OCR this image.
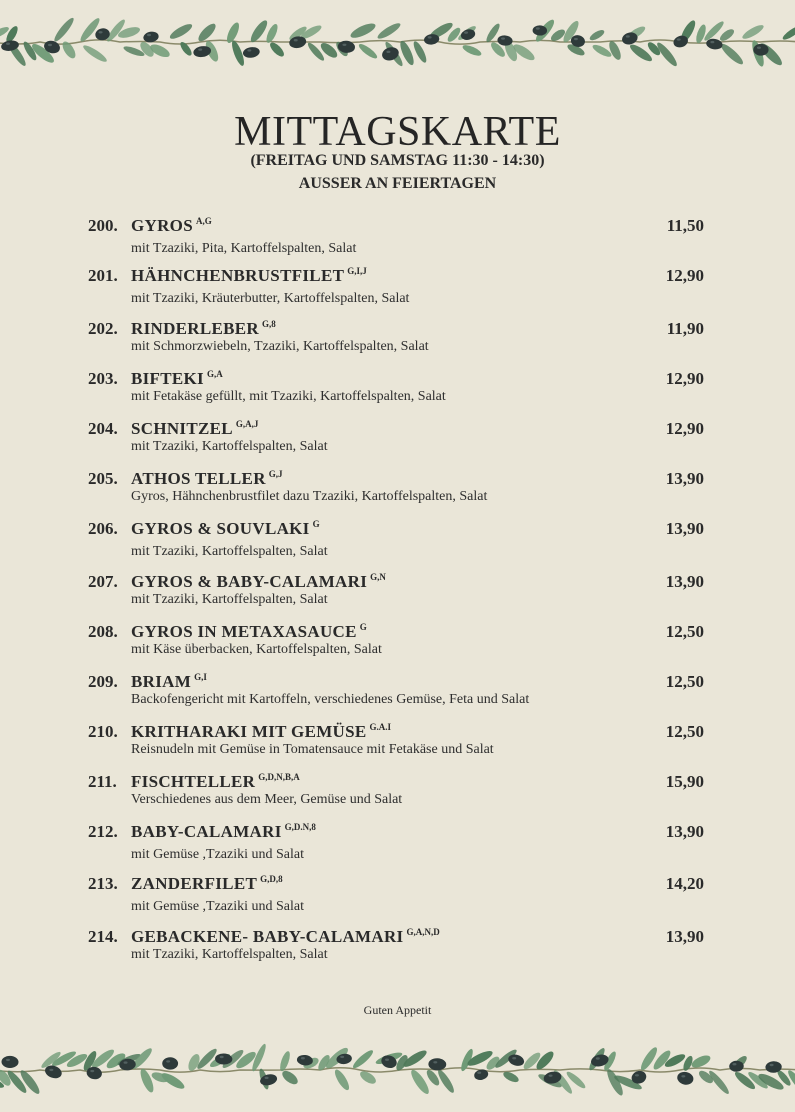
MITTAGSKARTE
(FREITAG UND SAMSTAG 11:30 - 14:30)
AUSSER AN FEIERTAGEN
200. GYROS $^{A,G}$
mit Tzaziki, Pita, Kartoffelspalten, Salat
11,50
201. HÄHNCHENBRUSTFILET $^{G,I,J}$
mit Tzaziki, Kräuterbutter, Kartoffelspalten, Salat
12,90
202. RINDERLEBER $^{G,8}$
mit Schmorzwiebeln, Tzaziki, Kartoffelspalten, Salat
11,90
203. BIFTEKI $^{G,A}$
mit Fetakäse gefüllt, mit Tzaziki, Kartoffelspalten, Salat
12,90
204. SCHNITZEL $^{G,A,J}$
mit Tzaziki, Kartoffelspalten, Salat
12,90
205. ATHOS TELLER $^{G,J}$
Gyros, Hähnchenbrustfilet dazu Tzaziki, Kartoffelspalten, Salat
13,90
206. GYROS & SOUVLAKI $^G$
mit Tzaziki, Kartoffelspalten, Salat
13,90
207. GYROS & BABY-CALAMARI $^{G,N}$
mit Tzaziki, Kartoffelspalten, Salat
13,90
208. GYROS IN METAXASAUCE $^G$
mit Käse überbacken, Kartoffelspalten, Salat
12,50
209. BRIAM $^{G,I}$
Backofengericht mit Kartoffeln, verschiedenes Gemüse, Feta und Salat
12,50
210. KRITHARAKI MIT GEMÜSE $^{G.A.I}$
Reisnudeln mit Gemüse in Tomatensauce mit Fetakäse und Salat
12,50
211. FISCHTELLER $^{G,D,N,B,A}$
Verschiedenes aus dem Meer, Gemüse und Salat
15,90
212. BABY-CALAMARI $^{G,D.N,8}$
mit Gemüse ,Tzaziki und Salat
13,90
213. ZANDERFILET $^{G,D,8}$
mit Gemüse ,Tzaziki und Salat
14,20
214. GEBACKENE- BABY-CALAMARI $^{G,A,N,D}$
mit Tzaziki, Kartoffelspalten, Salat
13,90
Guten Appetit
